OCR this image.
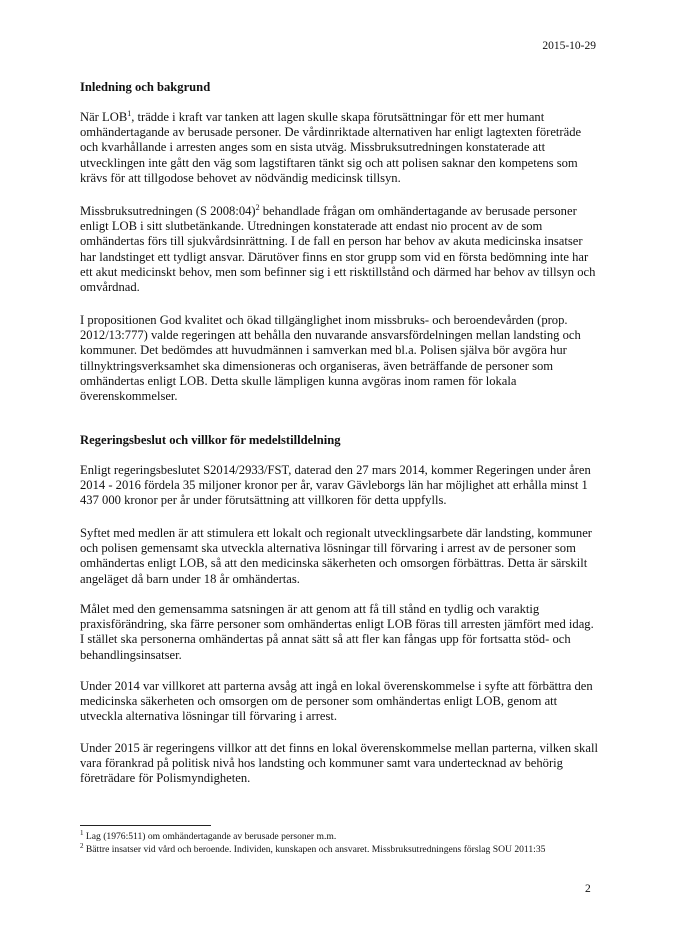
2015-10-29
Inledning och bakgrund

När LOB$^1$, trädde i kraft var tanken att lagen skulle skapa förutsättningar för ett mer humant omhändertagande av berusade personer. De vårdinriktade alternativen har enligt lagtexten företräde och kvarhållande i arresten anges som en sista utväg. Missbruksutredningen konstaterade att utvecklingen inte gått den väg som lagstiftaren tänkt sig och att polisen saknar den kompetens som krävs för att tillgodose behovet av nödvändig medicinsk tillsyn.

Missbruksutredningen (S 2008:04)$^2$ behandlade frågan om omhändertagande av berusade personer enligt LOB i sitt slutbetänkande. Utredningen konstaterade att endast nio procent av de som omhändertas förs till sjukvårdsinrättning. I de fall en person har behov av akuta medicinska insatser har landstinget ett tydligt ansvar. Därutöver finns en stor grupp som vid en första bedömning inte har ett akut medicinskt behov, men som befinner sig i ett risktillstånd och därmed har behov av tillsyn och omvårdnad.

I propositionen God kvalitet och ökad tillgänglighet inom missbruks- och beroendevården (prop. 2012/13:777) valde regeringen att behålla den nuvarande ansvarsfördelningen mellan landsting och kommuner. Det bedömdes att huvudmännen i samverkan med bl.a. Polisen själva bör avgöra hur tillnyktringsverksamhet ska dimensioneras och organiseras, även beträffande de personer som omhändertas enligt LOB. Detta skulle lämpligen kunna avgöras inom ramen för lokala överenskommelser.

Regeringsbeslut och villkor för medelstilldelning

Enligt regeringsbeslutet S2014/2933/FST, daterad den 27 mars 2014, kommer Regeringen under åren 2014 - 2016 fördela 35 miljoner kronor per år, varav Gävleborgs län har möjlighet att erhålla minst 1 437 000 kronor per år under förutsättning att villkoren för detta uppfylls.

Syftet med medlen är att stimulera ett lokalt och regionalt utvecklingsarbete där landsting, kommuner och polisen gemensamt ska utveckla alternativa lösningar till förvaring i arrest av de personer som omhändertas enligt LOB, så att den medicinska säkerheten och omsorgen förbättras. Detta är särskilt angeläget då barn under 18 år omhändertas.

Målet med den gemensamma satsningen är att genom att få till stånd en tydlig och varaktig praxisförändring, ska färre personer som omhändertas enligt LOB föras till arresten jämfört med idag. I stället ska personerna omhändertas på annat sätt så att fler kan fångas upp för fortsatta stöd- och behandlingsinsatser.

Under 2014 var villkoret att parterna avsåg att ingå en lokal överenskommelse i syfte att förbättra den medicinska säkerheten och omsorgen om de personer som omhändertas enligt LOB, genom att utveckla alternativa lösningar till förvaring i arrest.

Under 2015 är regeringens villkor att det finns en lokal överenskommelse mellan parterna, vilken skall vara förankrad på politisk nivå hos landsting och kommuner samt vara undertecknad av behörig företrädare för Polismyndigheten.

$^1$ Lag (1976:511) om omhändertagande av berusade personer m.m.
$^2$ Bättre insatser vid vård och beroende. Individen, kunskapen och ansvaret. Missbruksutredningens förslag SOU 2011:35
2
